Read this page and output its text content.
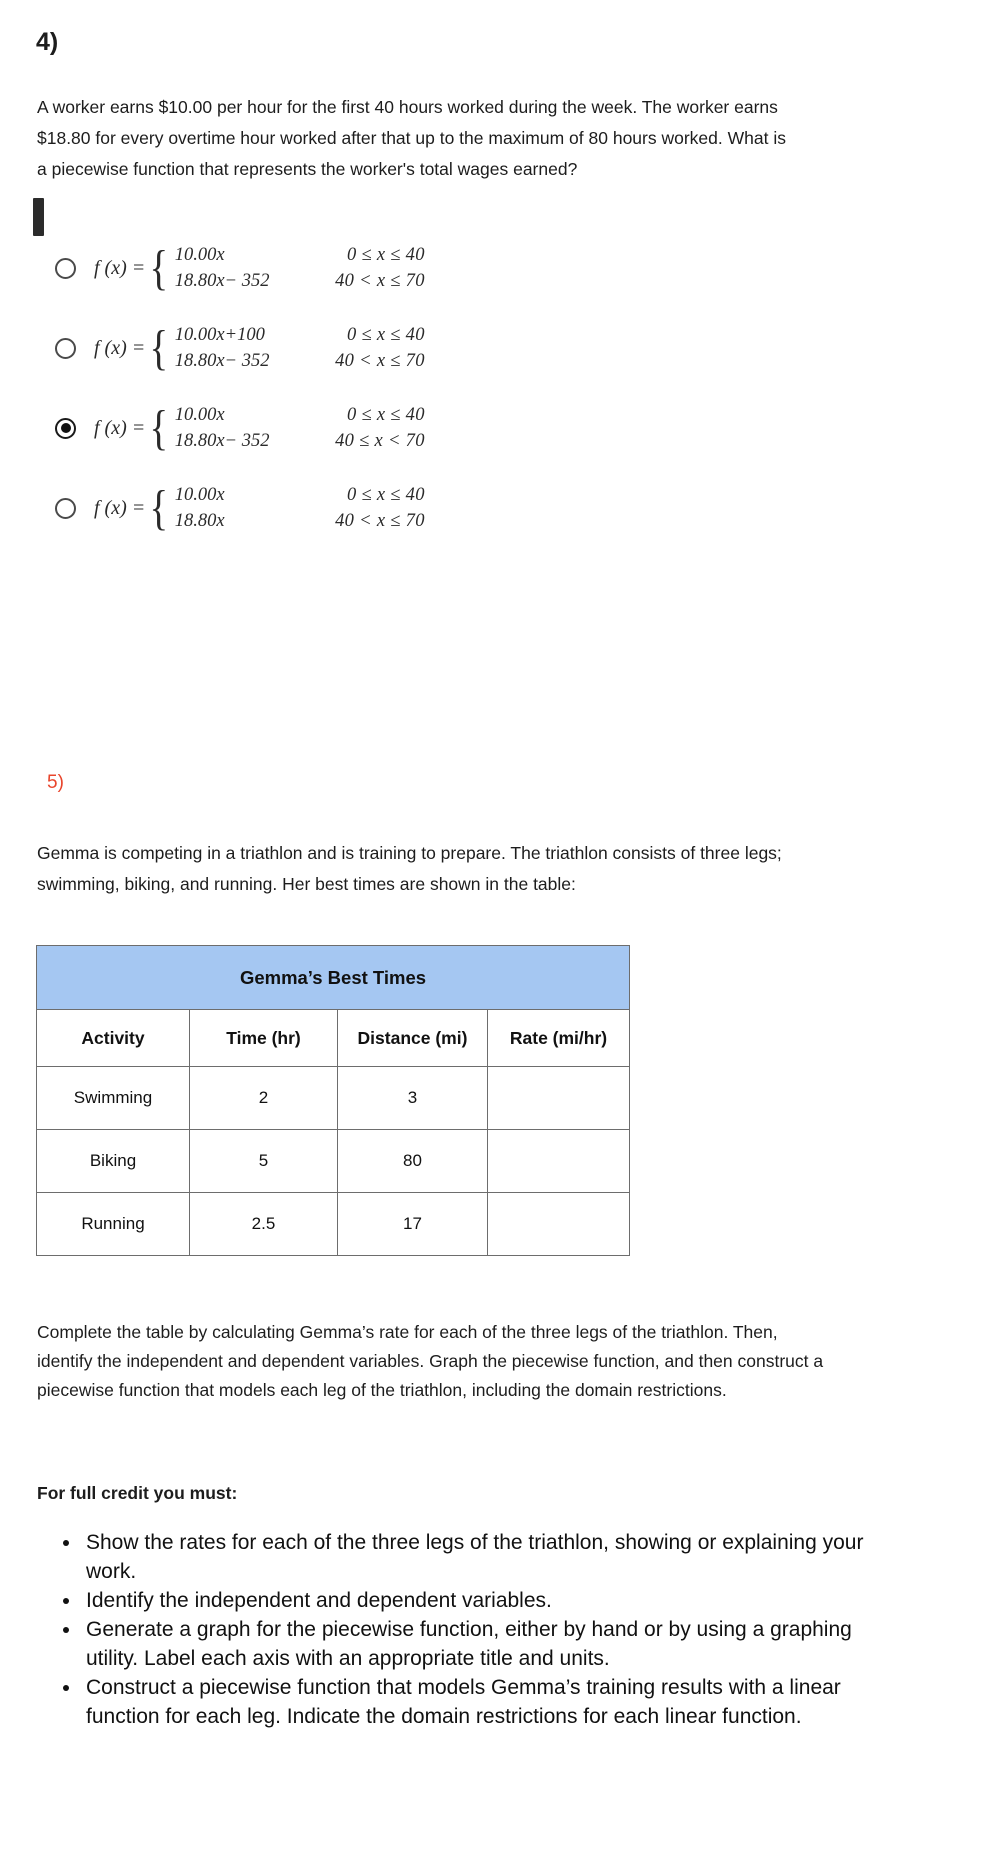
4)
A worker earns $10.00 per hour for the first 40 hours worked during the week. The worker earns $18.80 for every overtime hour worked after that up to the maximum of 80 hours worked. What is a piecewise function that represents the worker's total wages earned?
f (x) = { 10.00x	0 ≤ x ≤ 40
18.80x− 352	40 < x ≤ 70
f (x) = { 10.00x+100	0 ≤ x ≤ 40
18.80x− 352	40 < x ≤ 70
f (x) = { 10.00x	0 ≤ x ≤ 40
18.80x− 352	40 ≤ x < 70
f (x) = { 10.00x	0 ≤ x ≤ 40
18.80x	40 < x ≤ 70
5)
Gemma is competing in a triathlon and is training to prepare. The triathlon consists of three legs; swimming, biking, and running. Her best times are shown in the table:
Gemma’s Best Times			
Activity	Time (hr)	Distance (mi)	Rate (mi/hr)
Swimming	2	3	
Biking	5	80	
Running	2.5	17	
Complete the table by calculating Gemma’s rate for each of the three legs of the triathlon. Then, identify the independent and dependent variables. Graph the piecewise function, and then construct a piecewise function that models each leg of the triathlon, including the domain restrictions.
For full credit you must:
• Show the rates for each of the three legs of the triathlon, showing or explaining your work.
• Identify the independent and dependent variables.
• Generate a graph for the piecewise function, either by hand or by using a graphing utility. Label each axis with an appropriate title and units.
• Construct a piecewise function that models Gemma’s training results with a linear function for each leg. Indicate the domain restrictions for each linear function.
